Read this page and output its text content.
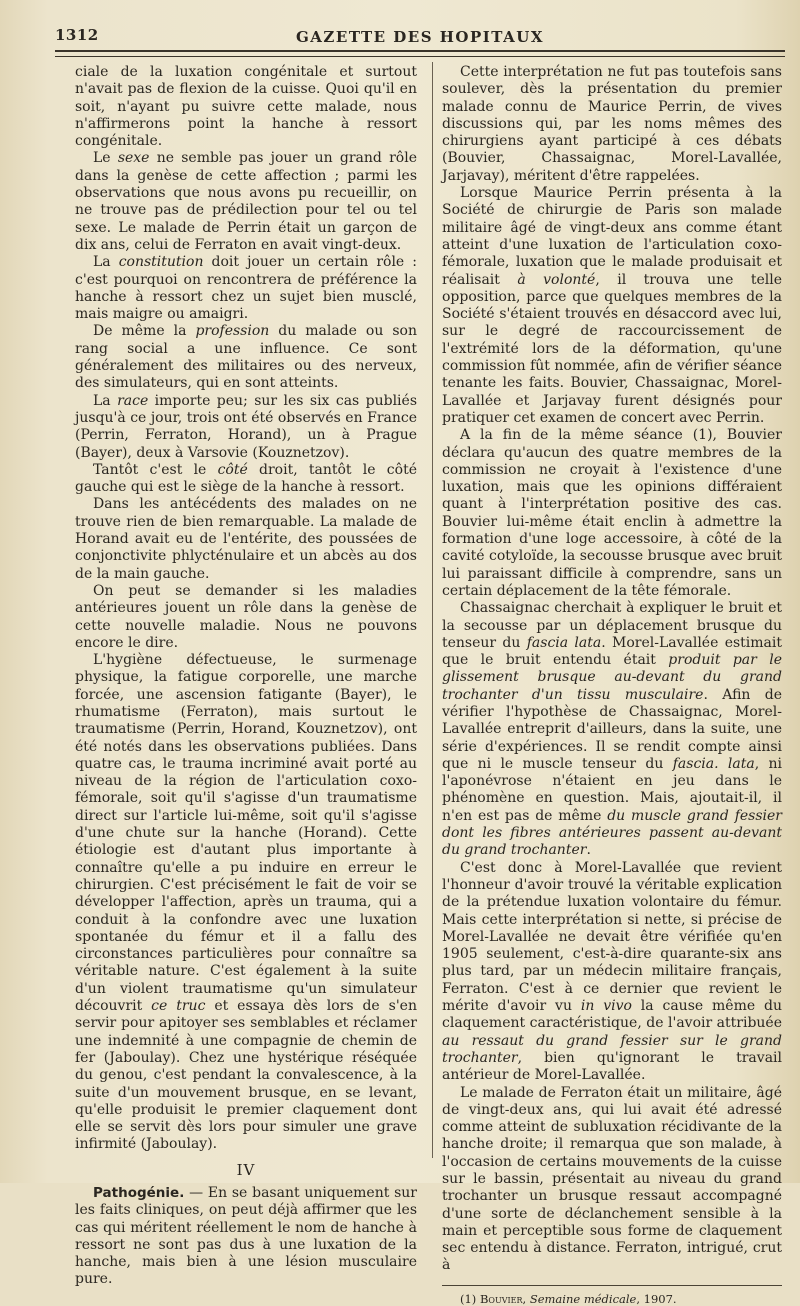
1312	GAZETTE DES HOPITAUX

ciale de la luxation congénitale et surtout n'avait pas de flexion de la cuisse. Quoi qu'il en soit, n'ayant pu suivre cette malade, nous n'affirmerons point la hanche à ressort congénitale.

Le sexe ne semble pas jouer un grand rôle dans la genèse de cette affection ; parmi les observations que nous avons pu recueillir, on ne trouve pas de prédilection pour tel ou tel sexe. Le malade de Perrin était un garçon de dix ans, celui de Ferraton en avait vingt-deux.

La constitution doit jouer un certain rôle : c'est pourquoi on rencontrera de préférence la hanche à ressort chez un sujet bien musclé, mais maigre ou amaigri.

De même la profession du malade ou son rang social a une influence. Ce sont généralement des militaires ou des nerveux, des simulateurs, qui en sont atteints.

La race importe peu; sur les six cas publiés jusqu'à ce jour, trois ont été observés en France (Perrin, Ferraton, Horand), un à Prague (Bayer), deux à Varsovie (Kouznetzov).

Tantôt c'est le côté droit, tantôt le côté gauche qui est le siège de la hanche à ressort.

Dans les antécédents des malades on ne trouve rien de bien remarquable. La malade de Horand avait eu de l'entérite, des poussées de conjonctivite phlycténulaire et un abcès au dos de la main gauche.

On peut se demander si les maladies antérieures jouent un rôle dans la genèse de cette nouvelle maladie. Nous ne pouvons encore le dire.

L'hygiène défectueuse, le surmenage physique, la fatigue corporelle, une marche forcée, une ascension fatigante (Bayer), le rhumatisme (Ferraton), mais surtout le traumatisme (Perrin, Horand, Kouznetzov), ont été notés dans les observations publiées. Dans quatre cas, le trauma incriminé avait porté au niveau de la région de l'articulation coxo-fémorale, soit qu'il s'agisse d'un traumatisme direct sur l'article lui-même, soit qu'il s'agisse d'une chute sur la hanche (Horand). Cette étiologie est d'autant plus importante à connaître qu'elle a pu induire en erreur le chirurgien. C'est précisément le fait de voir se développer l'affection, après un trauma, qui a conduit à la confondre avec une luxation spontanée du fémur et il a fallu des circonstances particulières pour connaître sa véritable nature. C'est également à la suite d'un violent traumatisme qu'un simulateur découvrit ce truc et essaya dès lors de s'en servir pour apitoyer ses semblables et réclamer une indemnité à une compagnie de chemin de fer (Jaboulay). Chez une hystérique réséquée du genou, c'est pendant la convalescence, à la suite d'un mouvement brusque, en se levant, qu'elle produisit le premier claquement dont elle se servit dès lors pour simuler une grave infirmité (Jaboulay).

IV

Pathogénie. — En se basant uniquement sur les faits cliniques, on peut déjà affirmer que les cas qui méritent réellement le nom de hanche à ressort ne sont pas dus à une luxation de la hanche, mais bien à une lésion musculaire pure.

Cette interprétation ne fut pas toutefois sans soulever, dès la présentation du premier malade connu de Maurice Perrin, de vives discussions qui, par les noms mêmes des chirurgiens ayant participé à ces débats (Bouvier, Chassaignac, Morel-Lavallée, Jarjavay), méritent d'être rappelées.

Lorsque Maurice Perrin présenta à la Société de chirurgie de Paris son malade militaire âgé de vingt-deux ans comme étant atteint d'une luxation de l'articulation coxo-fémorale, luxation que le malade produisait et réalisait à volonté, il trouva une telle opposition, parce que quelques membres de la Société s'étaient trouvés en désaccord avec lui, sur le degré de raccourcissement de l'extrémité lors de la déformation, qu'une commission fût nommée, afin de vérifier séance tenante les faits. Bouvier, Chassaignac, Morel-Lavallée et Jarjavay furent désignés pour pratiquer cet examen de concert avec Perrin.

A la fin de la même séance (1), Bouvier déclara qu'aucun des quatre membres de la commission ne croyait à l'existence d'une luxation, mais que les opinions différaient quant à l'interprétation positive des cas. Bouvier lui-même était enclin à admettre la formation d'une loge accessoire, à côté de la cavité cotyloïde, la secousse brusque avec bruit lui paraissant difficile à comprendre, sans un certain déplacement de la tête fémorale.

Chassaignac cherchait à expliquer le bruit et la secousse par un déplacement brusque du tenseur du fascia lata. Morel-Lavallée estimait que le bruit entendu était produit par le glissement brusque au-devant du grand trochanter d'un tissu musculaire. Afin de vérifier l'hypothèse de Chassaignac, Morel-Lavallée entreprit d'ailleurs, dans la suite, une série d'expériences. Il se rendit compte ainsi que ni le muscle tenseur du fascia. lata, ni l'aponévrose n'étaient en jeu dans le phénomène en question. Mais, ajoutait-il, il n'en est pas de même du muscle grand fessier dont les fibres antérieures passent au-devant du grand trochanter.

C'est donc à Morel-Lavallée que revient l'honneur d'avoir trouvé la véritable explication de la prétendue luxation volontaire du fémur. Mais cette interprétation si nette, si précise de Morel-Lavallée ne devait être vérifiée qu'en 1905 seulement, c'est-à-dire quarante-six ans plus tard, par un médecin militaire français, Ferraton. C'est à ce dernier que revient le mérite d'avoir vu in vivo la cause même du claquement caractéristique, de l'avoir attribuée au ressaut du grand fessier sur le grand trochanter, bien qu'ignorant le travail antérieur de Morel-Lavallée.

Le malade de Ferraton était un militaire, âgé de vingt-deux ans, qui lui avait été adressé comme atteint de subluxation récidivante de la hanche droite; il remarqua que son malade, à l'occasion de certains mouvements de la cuisse sur le bassin, présentait au niveau du grand trochanter un brusque ressaut accompagné d'une sorte de déclanchement sensible à la main et perceptible sous forme de claquement sec entendu à distance. Ferraton, intrigué, crut à

(1) Bouvier, Semaine médicale, 1907.
